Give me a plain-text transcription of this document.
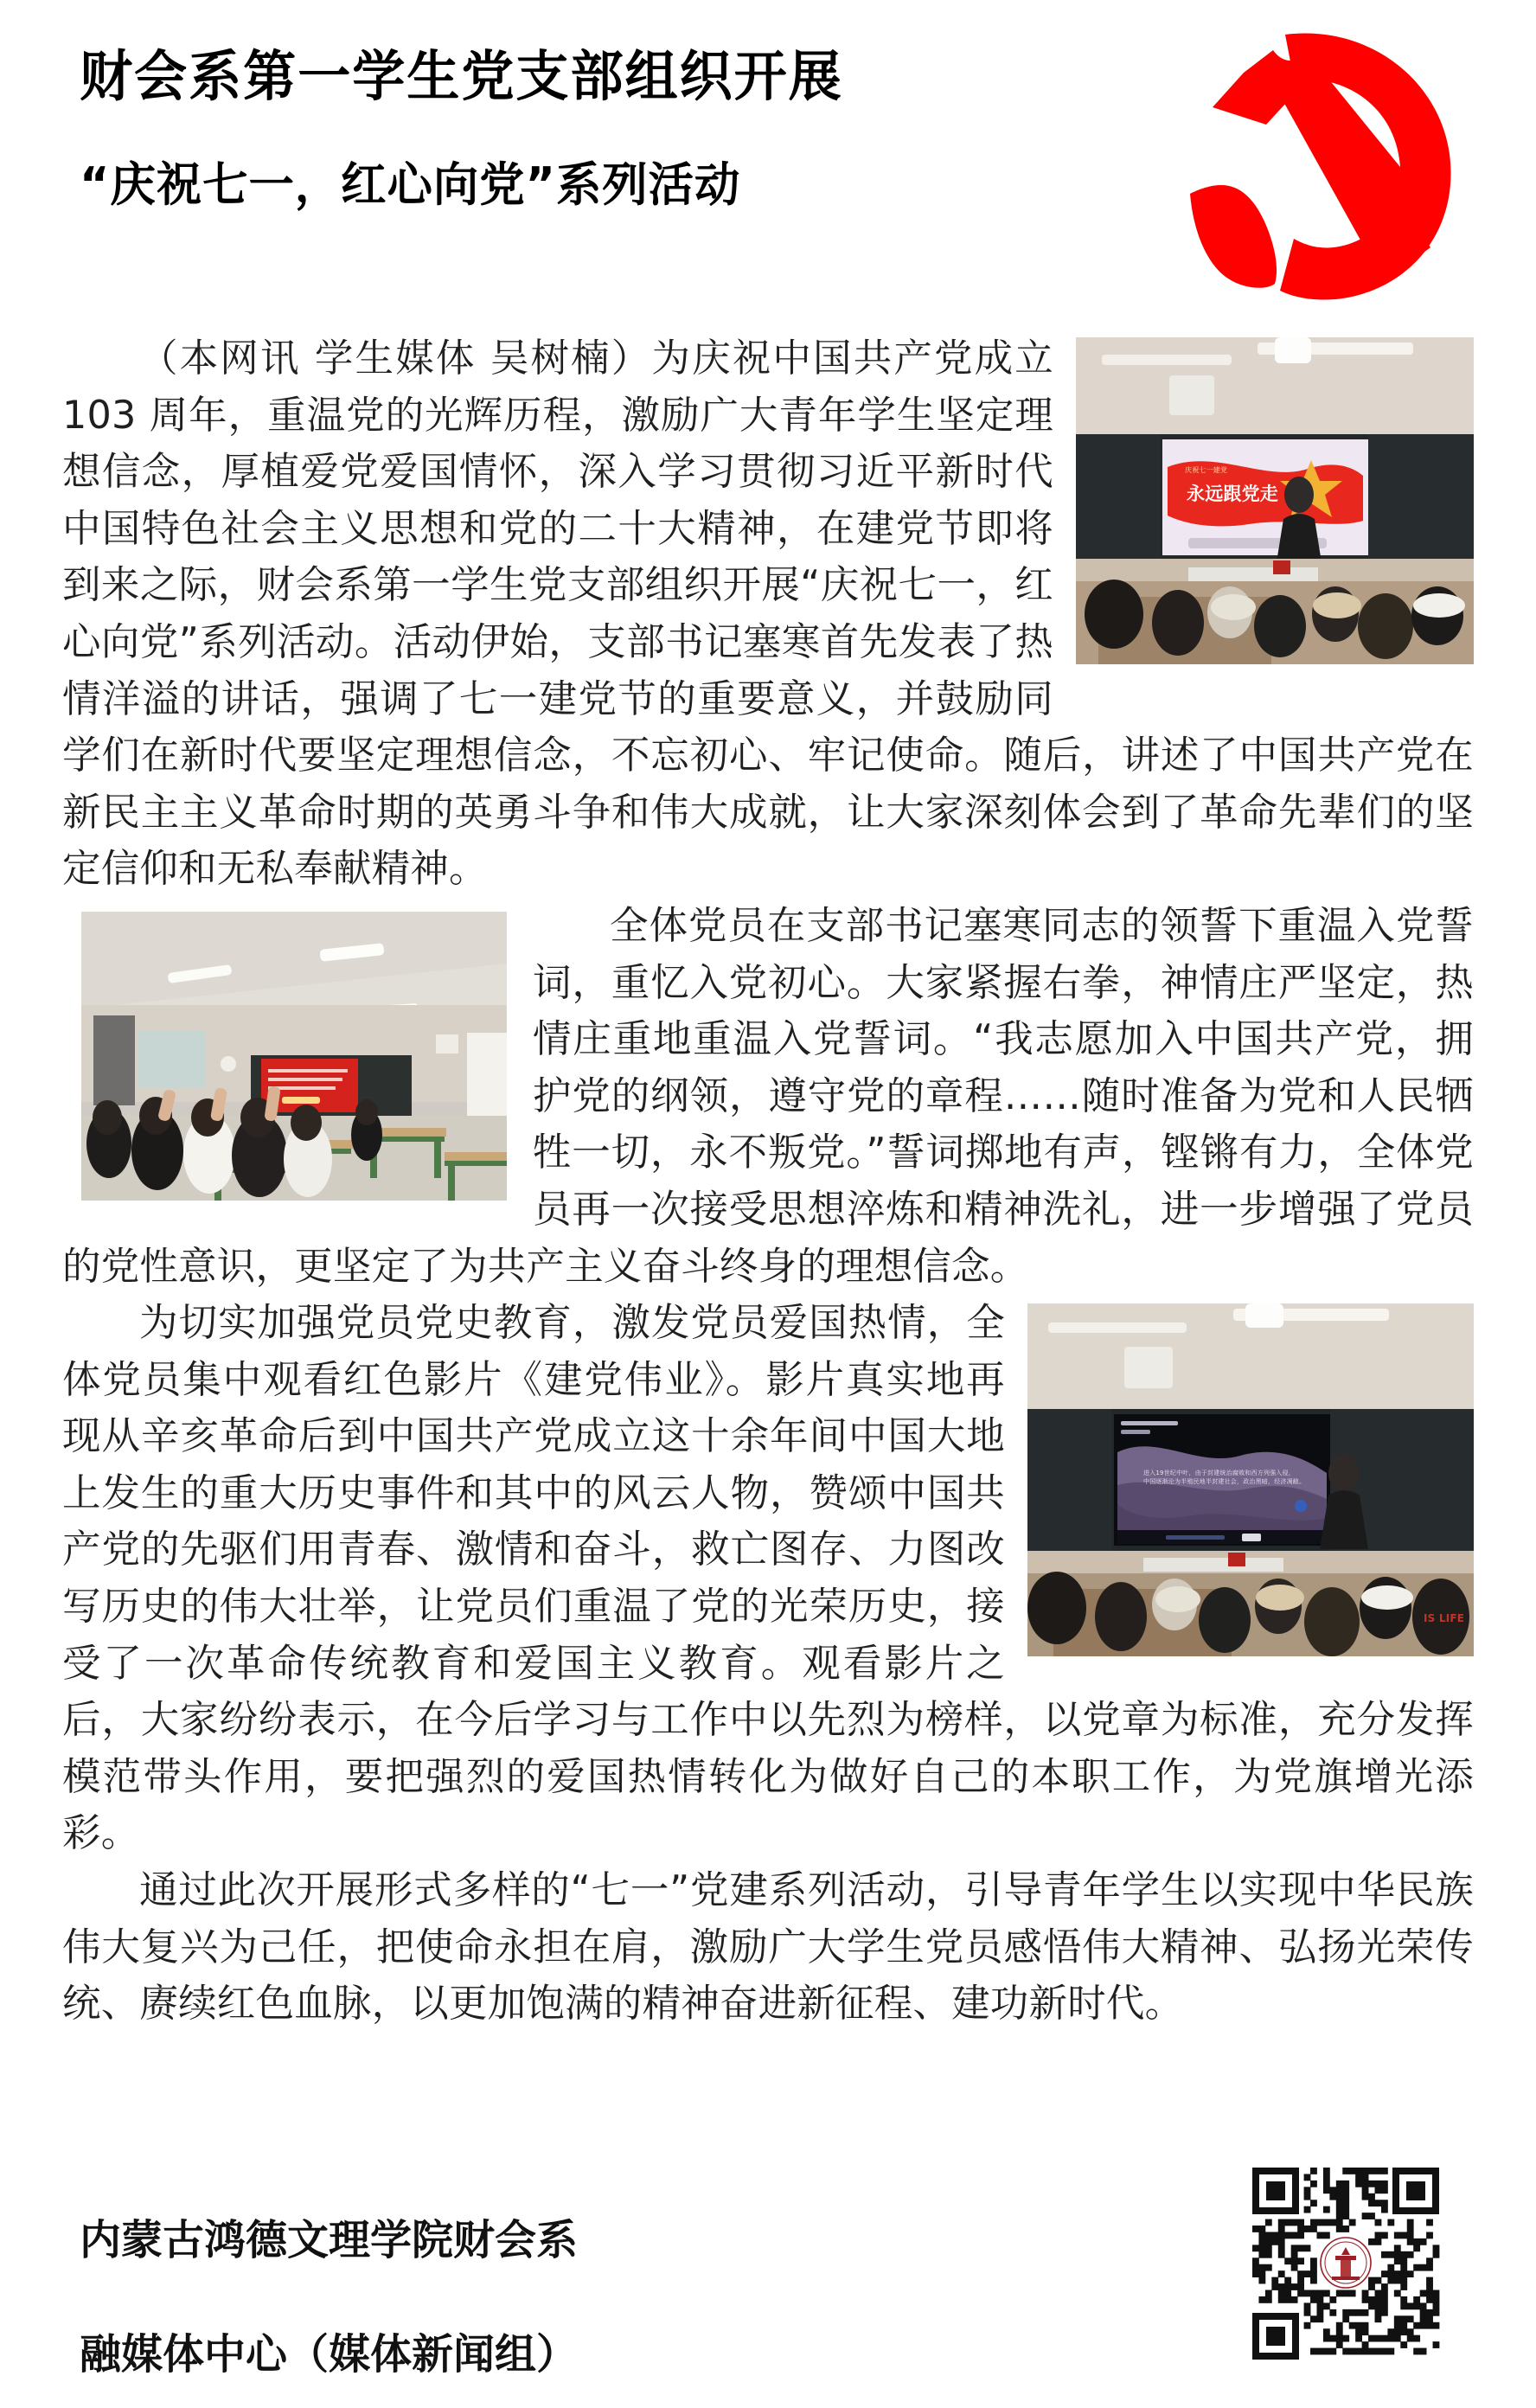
财会系第一学生党支部组织开展
“庆祝七一，红心向党”系列活动
永远跟党走
庆祝七一建党

（本网讯 学生媒体 吴树楠）为庆祝中国共产党成立 103 周年，重温党的光辉历程，激励广大青年学生坚定理想信念，厚植爱党爱国情怀，深入学习贯彻习近平新时代中国特色社会主义思想和党的二十大精神，在建党节即将到来之际，财会系第一学生党支部组织开展“庆祝七一，红心向党”系列活动。活动伊始，支部书记塞寒首先发表了热情洋溢的讲话，强调了七一建党节的重要意义，并鼓励同学们在新时代要坚定理想信念，不忘初心、牢记使命。随后，讲述了中国共产党在新民主主义革命时期的英勇斗争和伟大成就，让大家深刻体会到了革命先辈们的坚定信仰和无私奉献精神。

全体党员在支部书记塞寒同志的领誓下重温入党誓词，重忆入党初心。大家紧握右拳，神情庄严坚定，热情庄重地重温入党誓词。“我志愿加入中国共产党，拥护党的纲领，遵守党的章程……随时准备为党和人民牺牲一切，永不叛党。”誓词掷地有声，铿锵有力，全体党员再一次接受思想淬炼和精神洗礼，进一步增强了党员的党性意识，更坚定了为共产主义奋斗终身的理想信念。

进入19世纪中叶，由于封建统治腐败和西方列强入侵，
中国逐渐沦为半殖民地半封建社会，政治黑暗，经济凋敝。
IS LIFE

为切实加强党员党史教育，激发党员爱国热情，全体党员集中观看红色影片《建党伟业》。影片真实地再现从辛亥革命后到中国共产党成立这十余年间中国大地上发生的重大历史事件和其中的风云人物，赞颂中国共产党的先驱们用青春、激情和奋斗，救亡图存、力图改写历史的伟大壮举，让党员们重温了党的光荣历史，接受了一次革命传统教育和爱国主义教育。观看影片之后，大家纷纷表示，在今后学习与工作中以先烈为榜样，以党章为标准，充分发挥模范带头作用，要把强烈的爱国热情转化为做好自己的本职工作，为党旗增光添彩。

通过此次开展形式多样的“七一”党建系列活动，引导青年学生以实现中华民族伟大复兴为己任，把使命永担在肩，激励广大学生党员感悟伟大精神、弘扬光荣传统、赓续红色血脉，以更加饱满的精神奋进新征程、建功新时代。

内蒙古鸿德文理学院财会系
融媒体中心（媒体新闻组）
